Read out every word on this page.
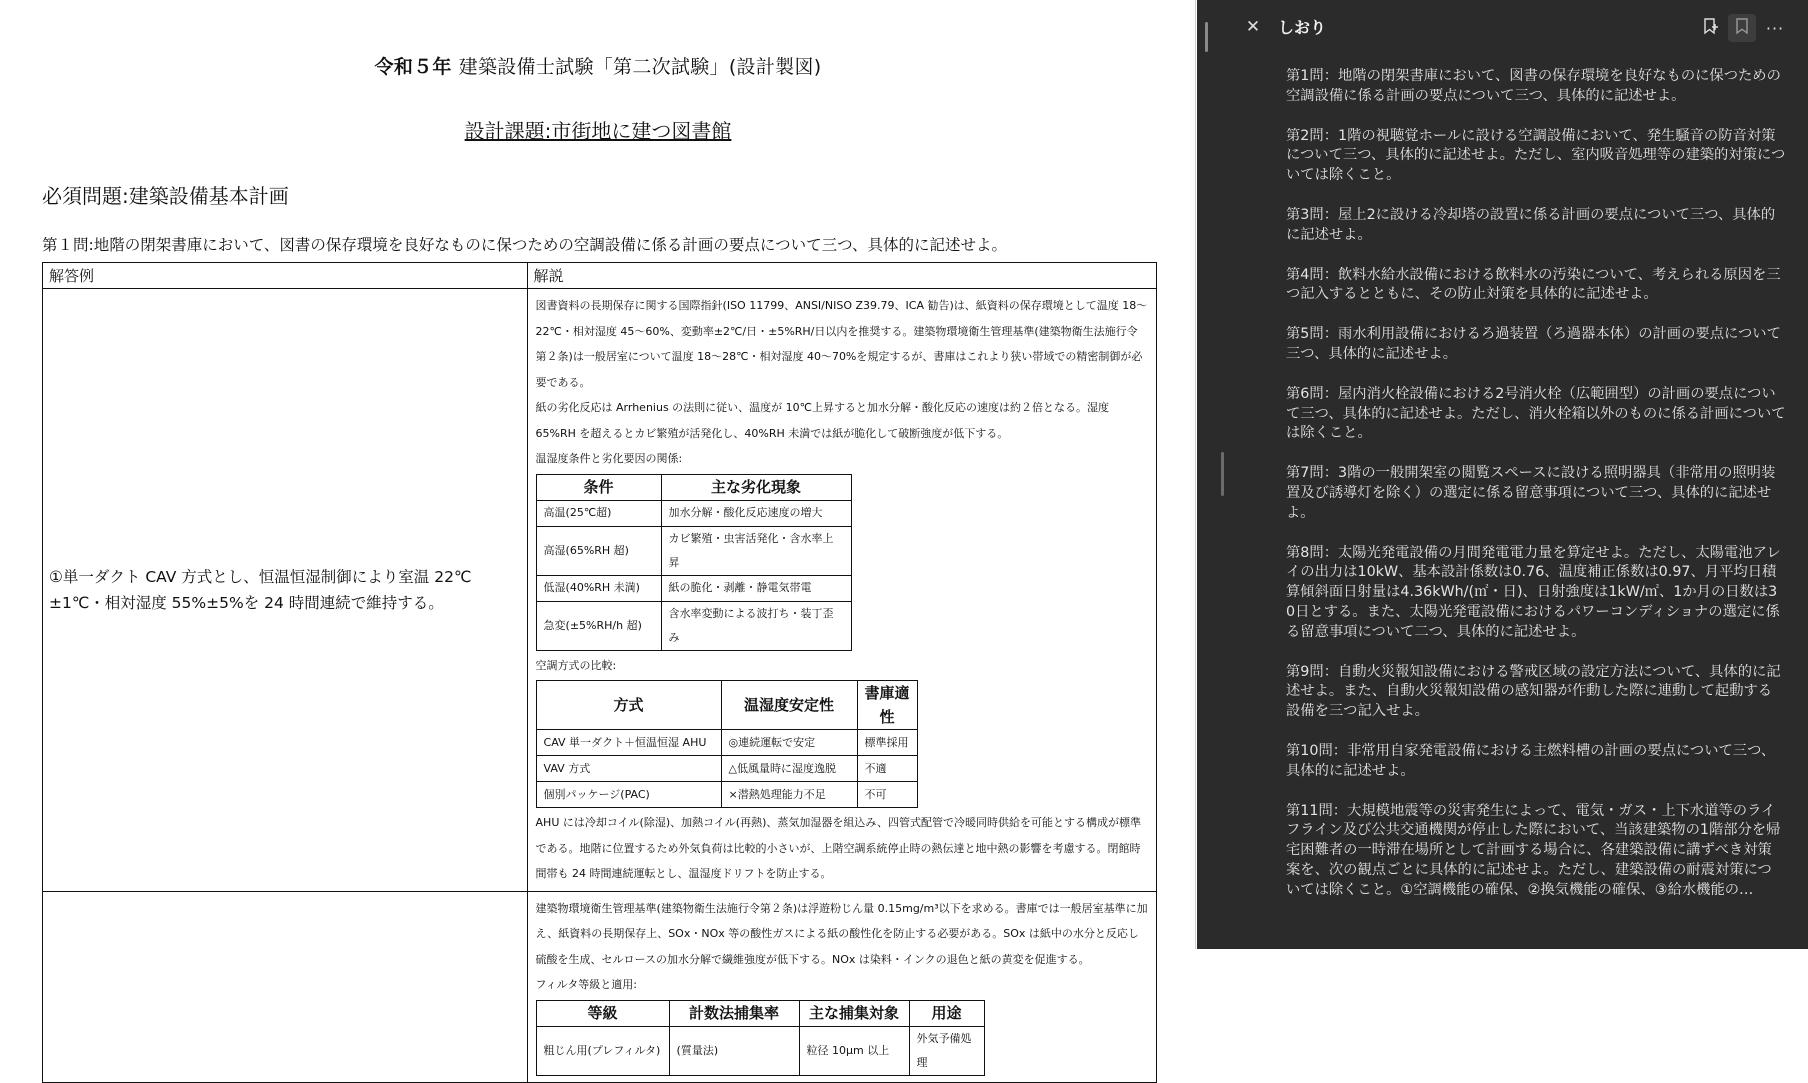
令和５年 建築設備士試験「第二次試験」(設計製図)
設計課題:市街地に建つ図書館
必須問題:建築設備基本計画
第１問:地階の閉架書庫において、図書の保存環境を良好なものに保つための空調設備に係る計画の要点について三つ、具体的に記述せよ。
解答例	解説
①単一ダクト CAV 方式とし、恒温恒湿制御により室温 22℃±1℃・相対湿度 55%±5%を 24 時間連続で維持する。	

図書資料の長期保存に関する国際指針(ISO 11799、ANSI/NISO Z39.79、ICA 勧告)は、紙資料の保存環境として温度 18～22℃・相対湿度 45～60%、変動率±2℃/日・±5%RH/日以内を推奨する。建築物環境衛生管理基準(建築物衛生法施行令第２条)は一般居室について温度 18～28℃・相対湿度 40～70%を規定するが、書庫はこれより狭い帯域での精密制御が必要である。

紙の劣化反応は Arrhenius の法則に従い、温度が 10℃上昇すると加水分解・酸化反応の速度は約２倍となる。湿度 65%RH を超えるとカビ繁殖が活発化し、40%RH 未満では紙が脆化して破断強度が低下する。

温湿度条件と劣化要因の関係:

条件	主な劣化現象
高温(25℃超)	加水分解・酸化反応速度の増大
高湿(65%RH 超)	カビ繁殖・虫害活発化・含水率上昇
低湿(40%RH 未満)	紙の脆化・剥離・静電気帯電
急変(±5%RH/h 超)	含水率変動による波打ち・装丁歪み

空調方式の比較:

方式	温湿度安定性	書庫適性
CAV 単一ダクト＋恒温恒湿 AHU	◎連続運転で安定	標準採用
VAV 方式	△低風量時に湿度逸脱	不適
個別パッケージ(PAC)	×潜熱処理能力不足	不可

AHU には冷却コイル(除湿)、加熱コイル(再熱)、蒸気加湿器を組込み、四管式配管で冷暖同時供給を可能とする構成が標準である。地階に位置するため外気負荷は比較的小さいが、上階空調系統停止時の熱伝達と地中熱の影響を考慮する。閉館時間帯も 24 時間連続運転とし、温湿度ドリフトを防止する。

建築物環境衛生管理基準(建築物衛生法施行令第２条)は浮遊粉じん量 0.15mg/m³以下を求める。書庫では一般居室基準に加え、紙資料の長期保存上、SOx・NOx 等の酸性ガスによる紙の酸性化を防止する必要がある。SOx は紙中の水分と反応し硫酸を生成、セルロースの加水分解で繊維強度が低下する。NOx は染料・インクの退色と紙の黄変を促進する。

フィルタ等級と適用:

等級	計数法捕集率	主な捕集対象	用途
粗じん用(プレフィルタ)	(質量法)	粒径 10μm 以上	外気予備処理
✕	しおり	···
第1問：地階の閉架書庫において、図書の保存環境を良好なものに保つための空調設備に係る計画の要点について三つ、具体的に記述せよ。
第2問：1階の視聴覚ホールに設ける空調設備において、発生騒音の防音対策について三つ、具体的に記述せよ。ただし、室内吸音処理等の建築的対策については除くこと。
第3問：屋上2に設ける冷却塔の設置に係る計画の要点について三つ、具体的に記述せよ。
第4問：飲料水給水設備における飲料水の汚染について、考えられる原因を三つ記入するとともに、その防止対策を具体的に記述せよ。
第5問：雨水利用設備におけるろ過装置（ろ過器本体）の計画の要点について三つ、具体的に記述せよ。
第6問：屋内消火栓設備における2号消火栓（広範囲型）の計画の要点について三つ、具体的に記述せよ。ただし、消火栓箱以外のものに係る計画については除くこと。
第7問：3階の一般開架室の閲覧スペースに設ける照明器具（非常用の照明装置及び誘導灯を除く）の選定に係る留意事項について三つ、具体的に記述せよ。
第8問：太陽光発電設備の月間発電電力量を算定せよ。ただし、太陽電池アレイの出力は10kW、基本設計係数は0.76、温度補正係数は0.97、月平均日積算傾斜面日射量は4.36kWh/(㎡・日)、日射強度は1kW/㎡、1か月の日数は30日とする。また、太陽光発電設備におけるパワーコンディショナの選定に係る留意事項について二つ、具体的に記述せよ。
第9問：自動火災報知設備における警戒区域の設定方法について、具体的に記述せよ。また、自動火災報知設備の感知器が作動した際に連動して起動する設備を三つ記入せよ。
第10問：非常用自家発電設備における主燃料槽の計画の要点について三つ、具体的に記述せよ。
第11問：大規模地震等の災害発生によって、電気・ガス・上下水道等のライフライン及び公共交通機関が停止した際において、当該建築物の1階部分を帰宅困難者の一時滞在場所として計画する場合に、各建築設備に講ずべき対策案を、次の観点ごとに具体的に記述せよ。ただし、建築設備の耐震対策については除くこと。①空調機能の確保、②換気機能の確保、③給水機能の…
